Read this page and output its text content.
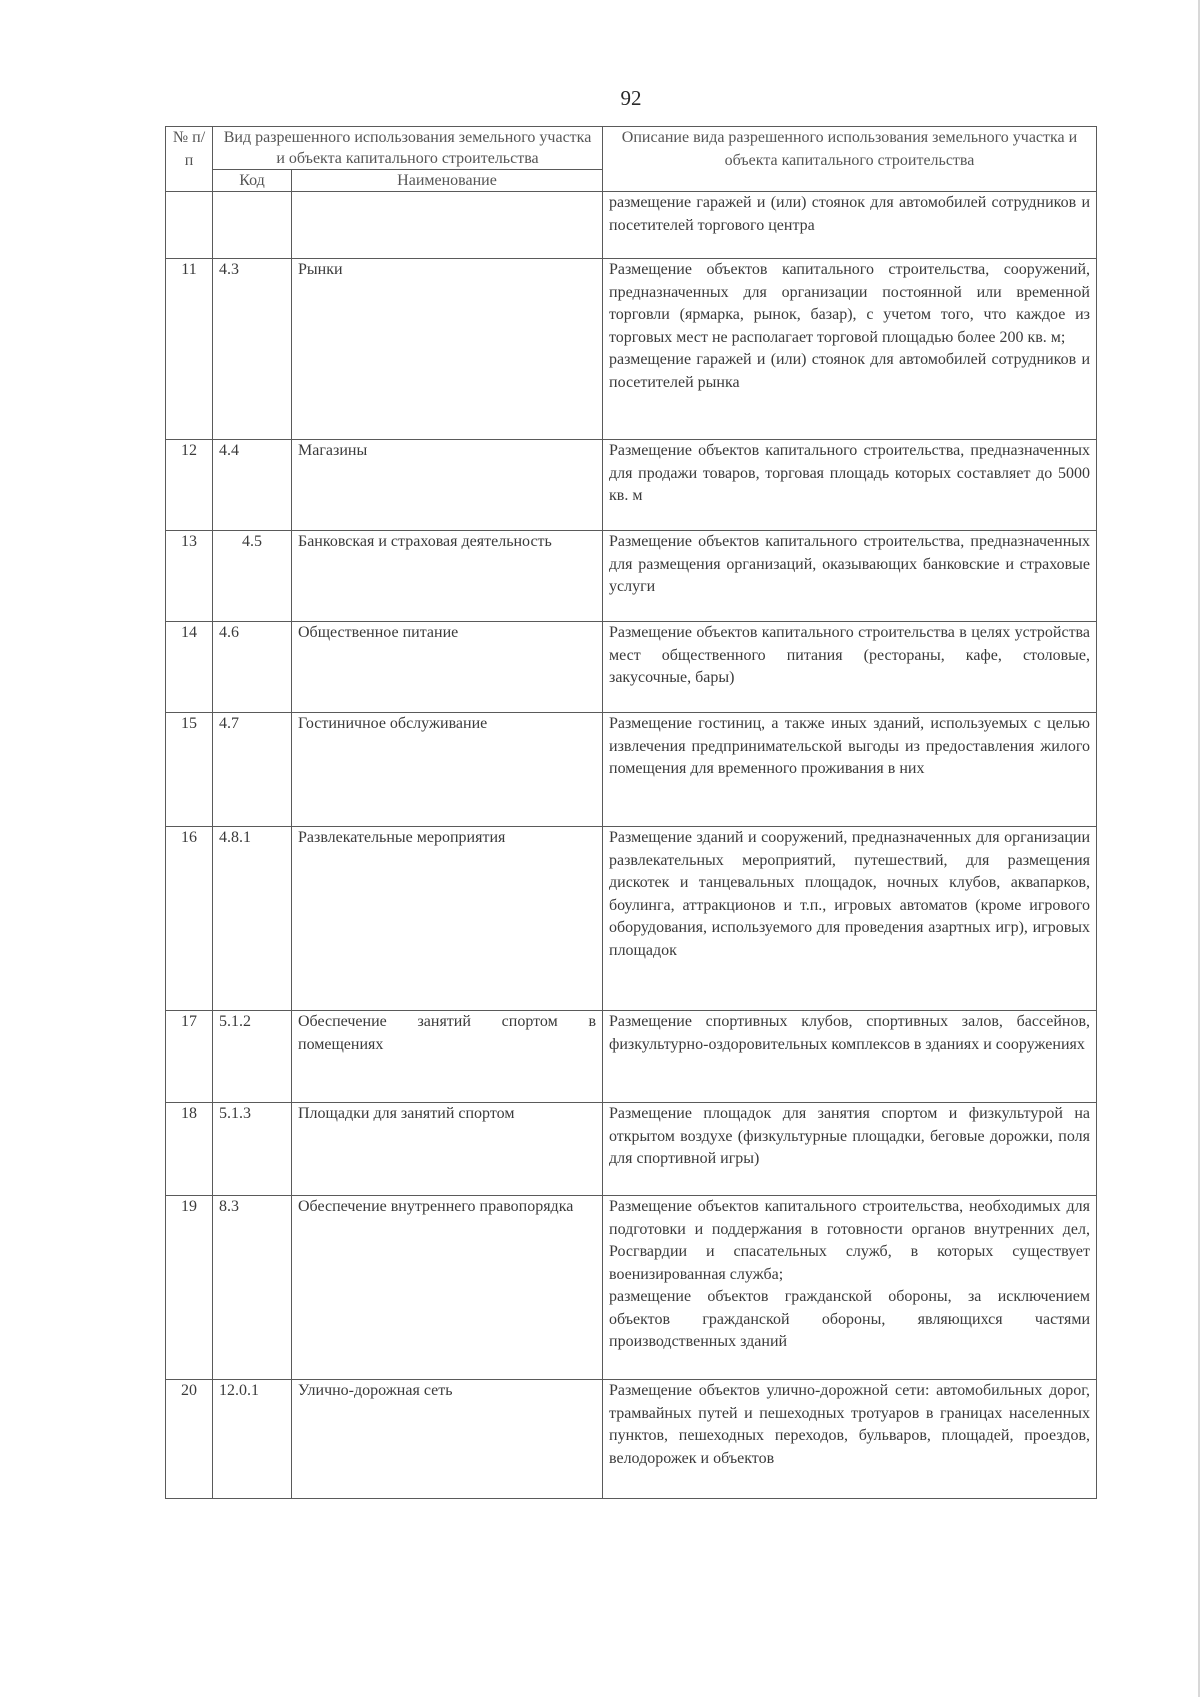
92
№ п/п	Вид разрешенного использования земельного участка и объекта капитального строительства		Описание вида разрешенного использования земельного участка и объекта капитального строительства
	Код	Наименование	
			размещение гаражей и (или) стоянок для автомобилей сотрудников и посетителей торгового центра
11	4.3	Рынки	Размещение объектов капитального строительства, сооружений, предназначенных для организации постоянной или временной торговли (ярмарка, рынок, базар), с учетом того, что каждое из торговых мест не располагает торговой площадью более 200 кв. м;
размещение гаражей и (или) стоянок для автомобилей сотрудников и посетителей рынка
12	4.4	Магазины	Размещение объектов капитального строительства, предназначенных для продажи товаров, торговая площадь которых составляет до 5000 кв. м
13	4.5	Банковская и страховая деятельность	Размещение объектов капитального строительства, предназначенных для размещения организаций, оказывающих банковские и страховые услуги
14	4.6	Общественное питание	Размещение объектов капитального строительства в целях устройства мест общественного питания (рестораны, кафе, столовые, закусочные, бары)
15	4.7	Гостиничное обслуживание	Размещение гостиниц, а также иных зданий, используемых с целью извлечения предпринимательской выгоды из предоставления жилого помещения для временного проживания в них
16	4.8.1	Развлекательные мероприятия	Размещение зданий и сооружений, предназначенных для организации развлекательных мероприятий, путешествий, для размещения дискотек и танцевальных площадок, ночных клубов, аквапарков, боулинга, аттракционов и т.п., игровых автоматов (кроме игрового оборудования, используемого для проведения азартных игр), игровых площадок
17	5.1.2	Обеспечение занятий спортом в помещениях	Размещение спортивных клубов, спортивных залов, бассейнов, физкультурно-оздоровительных комплексов в зданиях и сооружениях
18	5.1.3	Площадки для занятий спортом	Размещение площадок для занятия спортом и физкультурой на открытом воздухе (физкультурные площадки, беговые дорожки, поля для спортивной игры)
19	8.3	Обеспечение внутреннего правопорядка	Размещение объектов капитального строительства, необходимых для подготовки и поддержания в готовности органов внутренних дел, Росгвардии и спасательных служб, в которых существует военизированная служба;
размещение объектов гражданской обороны, за исключением объектов гражданской обороны, являющихся частями производственных зданий
20	12.0.1	Улично-дорожная сеть	Размещение объектов улично-дорожной сети: автомобильных дорог, трамвайных путей и пешеходных тротуаров в границах населенных пунктов, пешеходных переходов, бульваров, площадей, проездов, велодорожек и объектов
